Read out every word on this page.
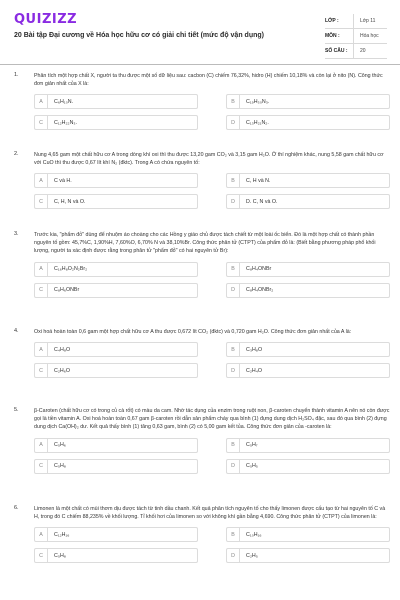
QUIZIZZ
20 Bài tập Đại cương về Hóa học hữu cơ có giải chi tiết (mức độ vận dụng)
LỚP :	Lớp 11
MÔN :	Hóa học
SỐ CÂU :	20
1.	Phân tích một hợp chất X, người ta thu được một số dữ liệu sau: cacbon (C) chiếm 76,32%, hidro (H) chiếm 10,18% và còn lại ở nito (N). Công thức đơn giản nhất của X là:
A	C₆H₁₀N.	B	C₁₉H₃₀N₃.
C	C₁₂H₂₂N₃.	D	C₁₃H₂₁N₂.
2.	Nung 4,65 gam một chất hữu cơ A trong dòng khí oxi thì thu được 13,20 gam CO₂ và 3,15 gam H₂O. Ở thí nghiệm khác, nung 5,58 gam chất hữu cơ với CuO thì thu được 0,67 lít khí N₂ (đktc). Trong A có chứa nguyên tố:
A	C và H.	B	C, H và N.
C	C, H, N và O.	D	D. C, N và O.
3.	Trước kia, "phẩm đỏ" dùng để nhuộm áo choàng cho các Hồng y giáo chủ được tách chiết từ một loài ốc biển. Đó là một hợp chất có thành phần nguyên tố gồm: 45,7%C, 1,90%H, 7,60%O, 6,70% N và 38,10%Br. Công thức phân tử (CTPT) của phẩm đỏ là: (Biết bằng phương pháp phổ khối lượng, người ta xác định được rằng trong phân tử "phẩm đỏ" có hai nguyên tử Br):
A	C₁₆H₈O₂N₂Br₂	B	C₈H₄ONBr
C	C₈H₆ONBr	D	C₈H₄ONBr₂
4.	Oxi hoá hoàn toàn 0,6 gam một hợp chất hữu cơ A thu được 0,672 lít CO₂ (đktc) và 0,720 gam H₂O. Công thức đơn giản nhất của A là:
A	C₄H₈O	B	C₃H₈O
C	C₂H₆O	D	C₂H₄O
5.	β-Caroten (chất hữu cơ có trong củ cà rốt) có màu da cam. Nhờ tác dụng của enzim trong ruột non, β-caroten chuyển thành vitamin A nên nó còn được gọi là tiền vitamin A. Oxi hoá hoàn toàn 0,67 gam β-caroten rồi dẫn sản phẩm cháy qua bình (1) đựng dung dịch H₂SO₄ đặc, sau đó qua bình (2) đựng dung dịch Ca(OH)₂ dư. Kết quả thấy bình (1) tăng 0,63 gam, bình (2) có 5,00 gam kết tủa. Công thức đơn giản của -caroten là:
A	C₅H₆	B	C₅H₇
C	C₅H₈	D	C₅H₅
6.	Limonen là một chất có mùi thơm dịu được tách từ tinh dầu chanh. Kết quả phân tích nguyên tố cho thấy limonen được cấu tạo từ hai nguyên tố C và H, trong đó C chiếm 88,235% về khối lượng. Tỉ khối hơi của limonen so với không khí gần bằng 4,690. Công thức phân tử (CTPT) của limonen là:
A	C₁₂H₁₆	B	C₁₀H₁₆
C	C₅H₈	D	C₂H₅
